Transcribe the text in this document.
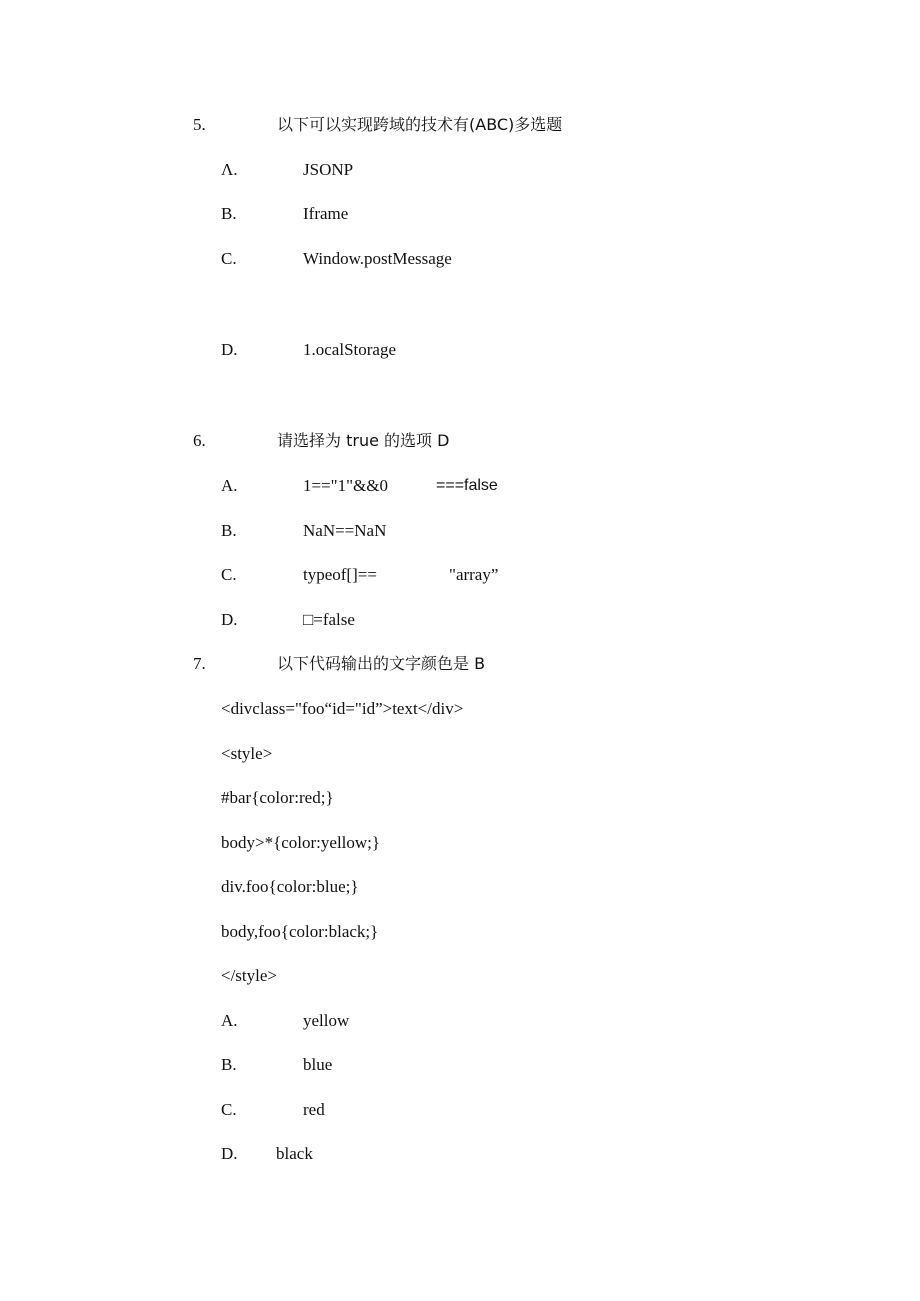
5.	以下可以实现跨域的技术有(ABC)多选题
Λ.	JSONP
B.	Iframe
C.	Window.postMessage
D.	1.ocalStorage
6.	请选择为 true 的选项 D
A.	1=="1"&&0	===false
B.	NaN==NaN
C.	typeof[]==	"array”
D.	□=false
7.	以下代码输出的文字颜色是 B
<divclass="foo“id="id”>text</div>
<style>
#bar{color:red;}
body>*{color:yellow;}
div.foo{color:blue;}
body,foo{color:black;}
</style>
A.	yellow
B.	blue
C.	red
D. black
